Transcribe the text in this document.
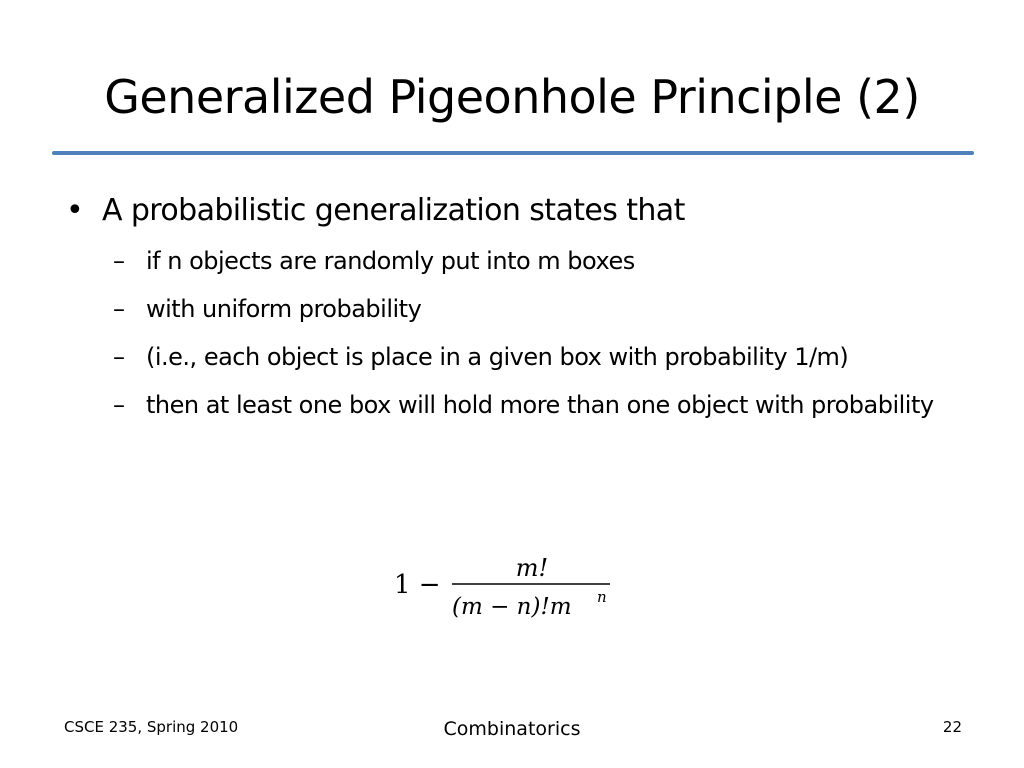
Generalized Pigeonhole Principle (2)
• A probabilistic generalization states that
– if n objects are randomly put into m boxes
– with uniform probability
– (i.e., each object is place in a given box with probability 1/m)
– then at least one box will hold more than one object with probability
1 −
m!
(m − n)!m n
CSCE 235, Spring 2010	Combinatorics	22
